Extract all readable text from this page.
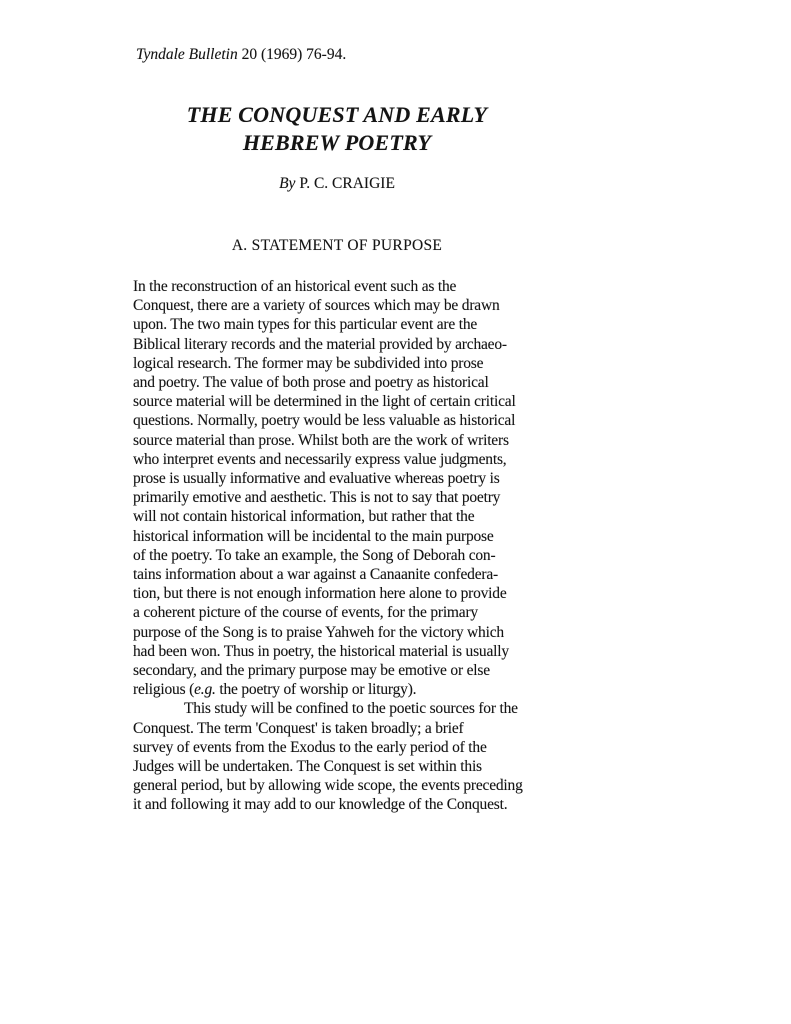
Tyndale Bulletin 20 (1969) 76-94.
THE CONQUEST AND EARLY
HEBREW POETRY
By P. C. CRAIGIE
A. STATEMENT OF PURPOSE
In the reconstruction of an historical event such as the
Conquest, there are a variety of sources which may be drawn
upon. The two main types for this particular event are the
Biblical literary records and the material provided by archaeo-
logical research. The former may be subdivided into prose
and poetry. The value of both prose and poetry as historical
source material will be determined in the light of certain critical
questions. Normally, poetry would be less valuable as historical
source material than prose. Whilst both are the work of writers
who interpret events and necessarily express value judgments,
prose is usually informative and evaluative whereas poetry is
primarily emotive and aesthetic. This is not to say that poetry
will not contain historical information, but rather that the
historical information will be incidental to the main purpose
of the poetry. To take an example, the Song of Deborah con-
tains information about a war against a Canaanite confedera-
tion, but there is not enough information here alone to provide
a coherent picture of the course of events, for the primary
purpose of the Song is to praise Yahweh for the victory which
had been won. Thus in poetry, the historical material is usually
secondary, and the primary purpose may be emotive or else
religious (e.g. the poetry of worship or liturgy).
This study will be confined to the poetic sources for the
Conquest. The term 'Conquest' is taken broadly; a brief
survey of events from the Exodus to the early period of the
Judges will be undertaken. The Conquest is set within this
general period, but by allowing wide scope, the events preceding
it and following it may add to our knowledge of the Conquest.
